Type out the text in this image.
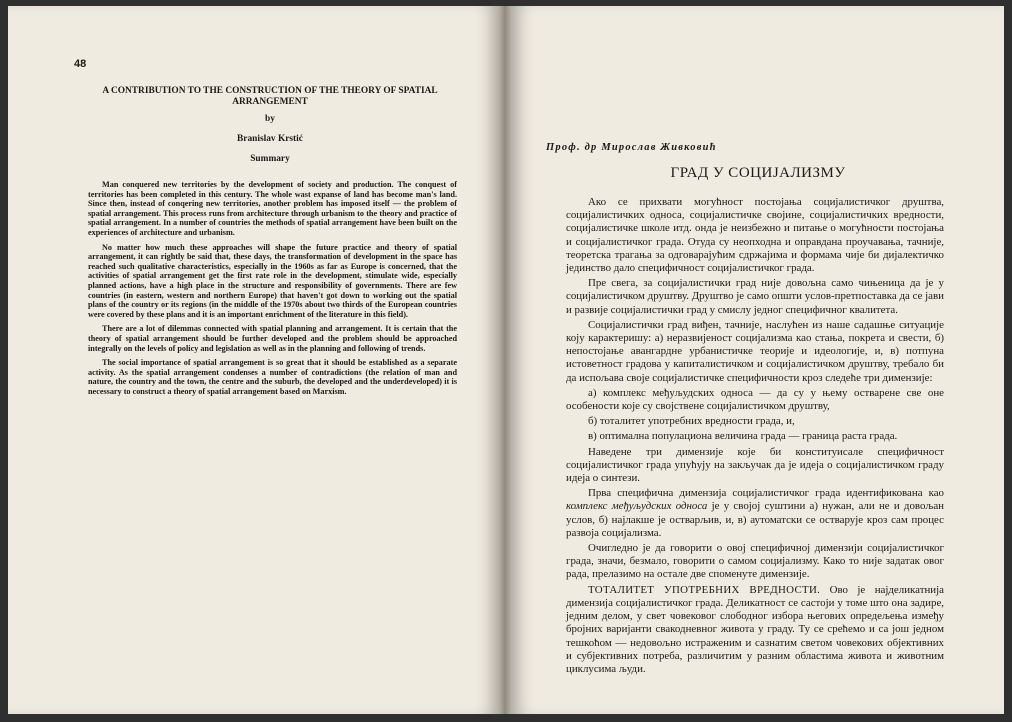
48
A CONTRIBUTION TO THE CONSTRUCTION OF THE THEORY OF SPATIAL ARRANGEMENT
by
Branislav Krstić
Summary

Man conquered new territories by the development of society and production. The conquest of territories has been completed in this century. The whole wast expanse of land has become man's land. Since then, instead of conqering new territories, another problem has imposed itself — the problem of spatial arrangement. This process runs from architecture through urbanism to the theory and practice of spatial arrangement. In a number of countries the methods of spatial arrangement have been built on the experiences of architecture and urbanism.

No matter how much these approaches will shape the future practice and theory of spatial arrangement, it can rightly be said that, these days, the transformation of development in the space has reached such qualitative characteristics, especially in the 1960s as far as Europe is concerned, that the activities of spatial arrangement get the first rate role in the development, stimulate wide, especially planned actions, have a high place in the structure and responsibility of governments. There are few countries (in eastern, western and northern Europe) that haven't got down to working out the spatial plans of the country or its regions (in the middle of the 1970s about two thirds of the European countries were covered by these plans and it is an important enrichment of the literature in this field).

There are a lot of dilemmas connected with spatial planning and arrangement. It is certain that the theory of spatial arrangement should be further developed and the problem should be approached integrally on the levels of policy and legislation as well as in the planning and following of trends.

The social importance of spatial arrangement is so great that it should be established as a separate activity. As the spatial arrangement condenses a number of contradictions (the relation of man and nature, the country and the town, the centre and the suburb, the developed and the underdeveloped) it is necessary to construct a theory of spatial arrangement based on Marxism.

Проф. др Мирослав Живковић
ГРАД У СОЦИЈАЛИЗМУ

Ако се прихвати могућност постојања социјалистичког друштва, социјалистичких односа, социјалистичке својине, социјалистичких вредности, социјалистичке школе итд. онда је неизбежно и питање о могућности постојања и социјалистичког града. Отуда су неопходна и оправдана проучавања, тачније, теоретска трагања за одговарајућим сдржајима и формама чије би дијалектичко јединство дало специфичност социјалистичког града.

Пре свега, за социјалистички град није довољна само чињеница да је у социјалистичком друштву. Друштво је само општи услов-претпоставка да се јави и развије социјалистички град у смислу једног специфичног квалитета.

Социјалистички град виђен, тачније, наслућен из наше садашње ситуације коју карактеришу: а) неразвијеност социјализма као стања, покрета и свести, б) непостојање авангардне урбанистичке теорије и идеологије, и, в) потпуна истоветност градова у капиталистичком и социјалистичком друштву, требало би да испољава своје социјалистичке специфичности кроз следеће три димензије:

а) комплекс међуљудских односа — да су у њему остварене све оне особености које су својствене социјалистичком друштву,

б) тоталитет употребних вредности града, и,

в) оптимална популациона величина града — граница раста града.

Наведене три димензије које би конституисале специфичност социјалистичког града упућују на закључак да је идеја о социјалистичком граду идеја о синтези.

Прва специфична димензија социјалистичког града идентификована као комплекс међуљудских односа је у својој суштини а) нужан, али не и довољан услов, б) најлакше је остварљив, и, в) аутоматски се остварује кроз сам процес развоја социјализма.

Очигледно је да говорити о овој специфичној димензији социјалистичког града, значи, безмало, говорити о самом социјализму. Како то није задатак овог рада, прелазимо на остале две споменуте димензије.

ТОТАЛИТЕТ УПОТРЕБНИХ ВРЕДНОСТИ. Ово је најделикатнија димензија социјалистичког града. Деликатност се састоји у томе што она задире, једним делом, у свет човековог слободног избора његових опредељења између бројних варијанти свакодневног живота у граду. Ту се срећемо и са још једном тешкоћом — недовољно истраженим и сазнатим светом човекових објективних и субјективних потреба, различитим у разним областима живота и животним циклусима људи.
